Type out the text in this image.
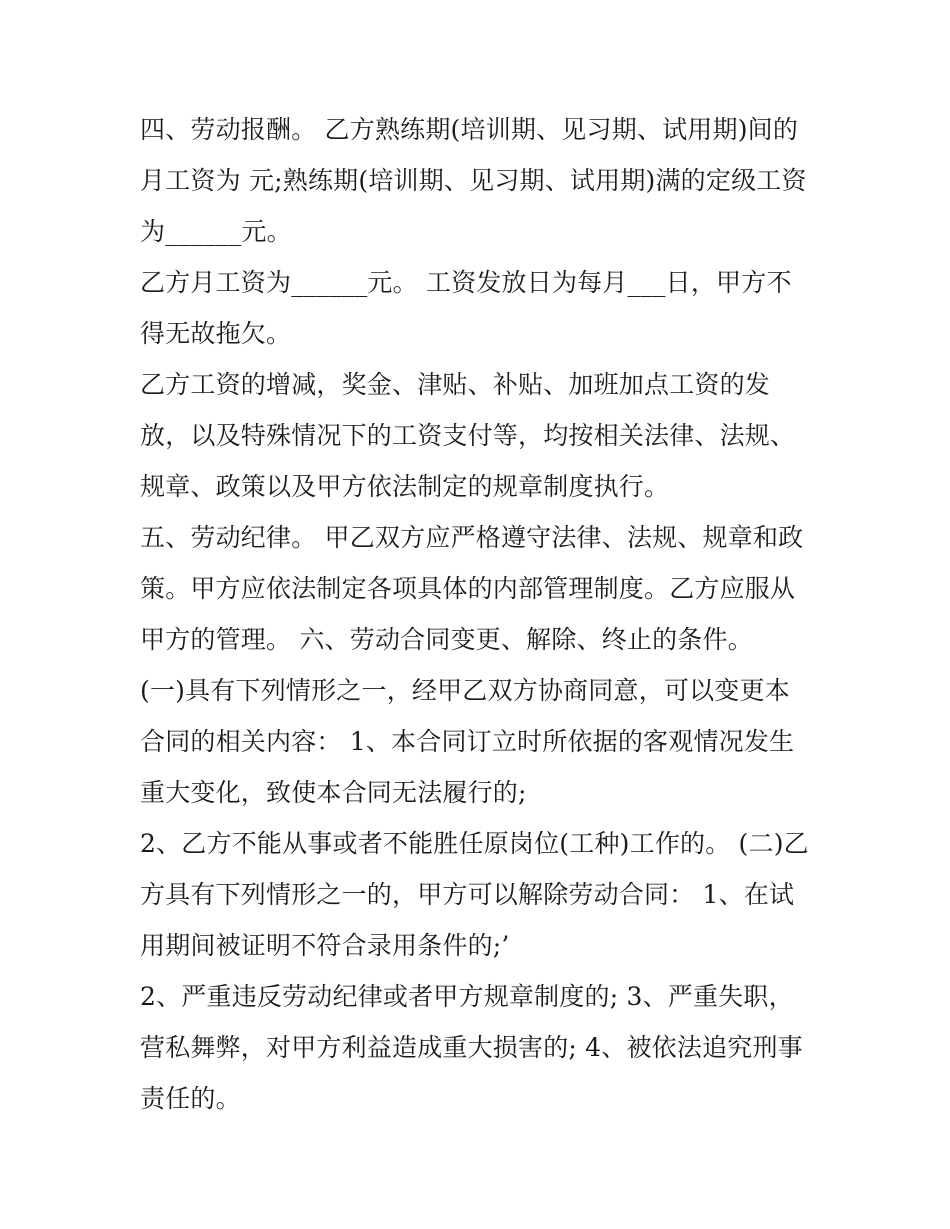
四、劳动报酬。 乙方熟练期(培训期、见习期、试用期)间的月工资为 元;熟练期(培训期、见习期、试用期)满的定级工资为______元。

乙方月工资为______元。 工资发放日为每月___日，甲方不得无故拖欠。

乙方工资的增减，奖金、津贴、补贴、加班加点工资的发放，以及特殊情况下的工资支付等，均按相关法律、法规、规章、政策以及甲方依法制定的规章制度执行。

五、劳动纪律。 甲乙双方应严格遵守法律、法规、规章和政策。甲方应依法制定各项具体的内部管理制度。乙方应服从甲方的管理。 六、劳动合同变更、解除、终止的条件。

(一)具有下列情形之一，经甲乙双方协商同意，可以变更本合同的相关内容： 1、本合同订立时所依据的客观情况发生重大变化，致使本合同无法履行的;

2、乙方不能从事或者不能胜任原岗位(工种)工作的。 (二)乙方具有下列情形之一的，甲方可以解除劳动合同： 1、在试用期间被证明不符合录用条件的;’

2、严重违反劳动纪律或者甲方规章制度的; 3、严重失职，营私舞弊，对甲方利益造成重大损害的; 4、被依法追究刑事责任的。
